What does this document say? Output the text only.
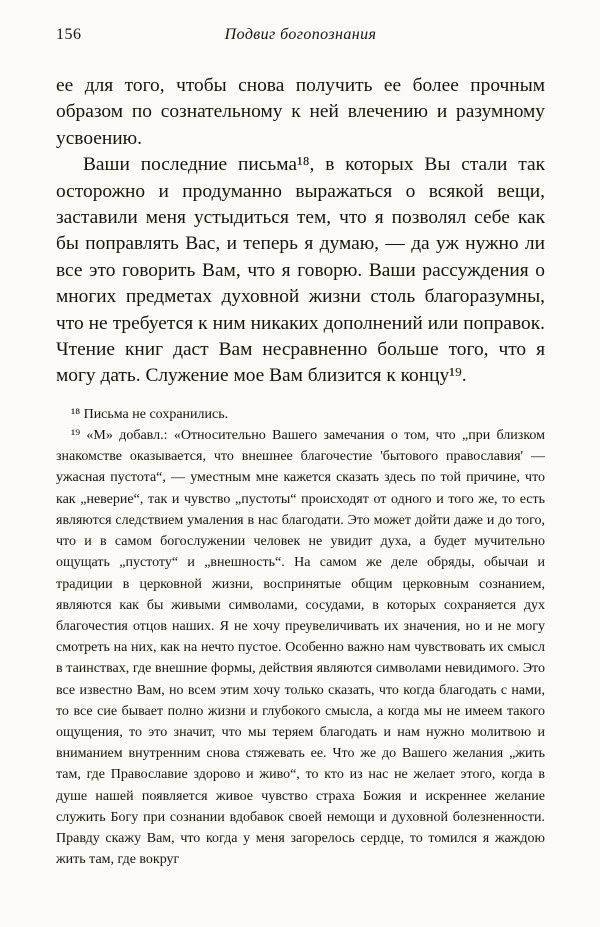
156	Подвиг богопознания

ее для того, чтобы снова получить ее более прочным образом по сознательному к ней влечению и разумному усвоению.

Ваши последние письма¹⁸, в которых Вы стали так осторожно и продуманно выражаться о всякой вещи, заставили меня устыдиться тем, что я позволял себе как бы поправлять Вас, и теперь я думаю, — да уж нужно ли все это говорить Вам, что я говорю. Ваши рассуждения о многих предметах духовной жизни столь благоразумны, что не требуется к ним никаких дополнений или поправок. Чтение книг даст Вам несравненно больше того, что я могу дать. Служение мое Вам близится к концу¹⁹.

¹⁸ Письма не сохранились.

¹⁹ «М» добавл.: «Относительно Вашего замечания о том, что „при близком знакомстве оказывается, что внешнее благочестие 'бытового православия' — ужасная пустота“, — уместным мне кажется сказать здесь по той причине, что как „неверие“, так и чувство „пустоты“ происходят от одного и того же, то есть являются следствием умаления в нас благодати. Это может дойти даже и до того, что и в самом богослужении человек не увидит духа, а будет мучительно ощущать „пустоту“ и „внешность“. На самом же деле обряды, обычаи и традиции в церковной жизни, воспринятые общим церковным сознанием, являются как бы живыми символами, сосудами, в которых сохраняется дух благочестия отцов наших. Я не хочу преувеличивать их значения, но и не могу смотреть на них, как на нечто пустое. Особенно важно нам чувствовать их смысл в таинствах, где внешние формы, действия являются символами невидимого. Это все известно Вам, но всем этим хочу только сказать, что когда благодать с нами, то все сие бывает полно жизни и глубокого смысла, а когда мы не имеем такого ощущения, то это значит, что мы теряем благодать и нам нужно молитвою и вниманием внутренним снова стяжевать ее. Что же до Вашего желания „жить там, где Православие здорово и живо“, то кто из нас не желает этого, когда в душе нашей появляется живое чувство страха Божия и искреннее желание служить Богу при сознании вдобавок своей немощи и духовной болезненности. Правду скажу Вам, что когда у меня загорелось сердце, то томился я жаждою жить там, где вокруг
